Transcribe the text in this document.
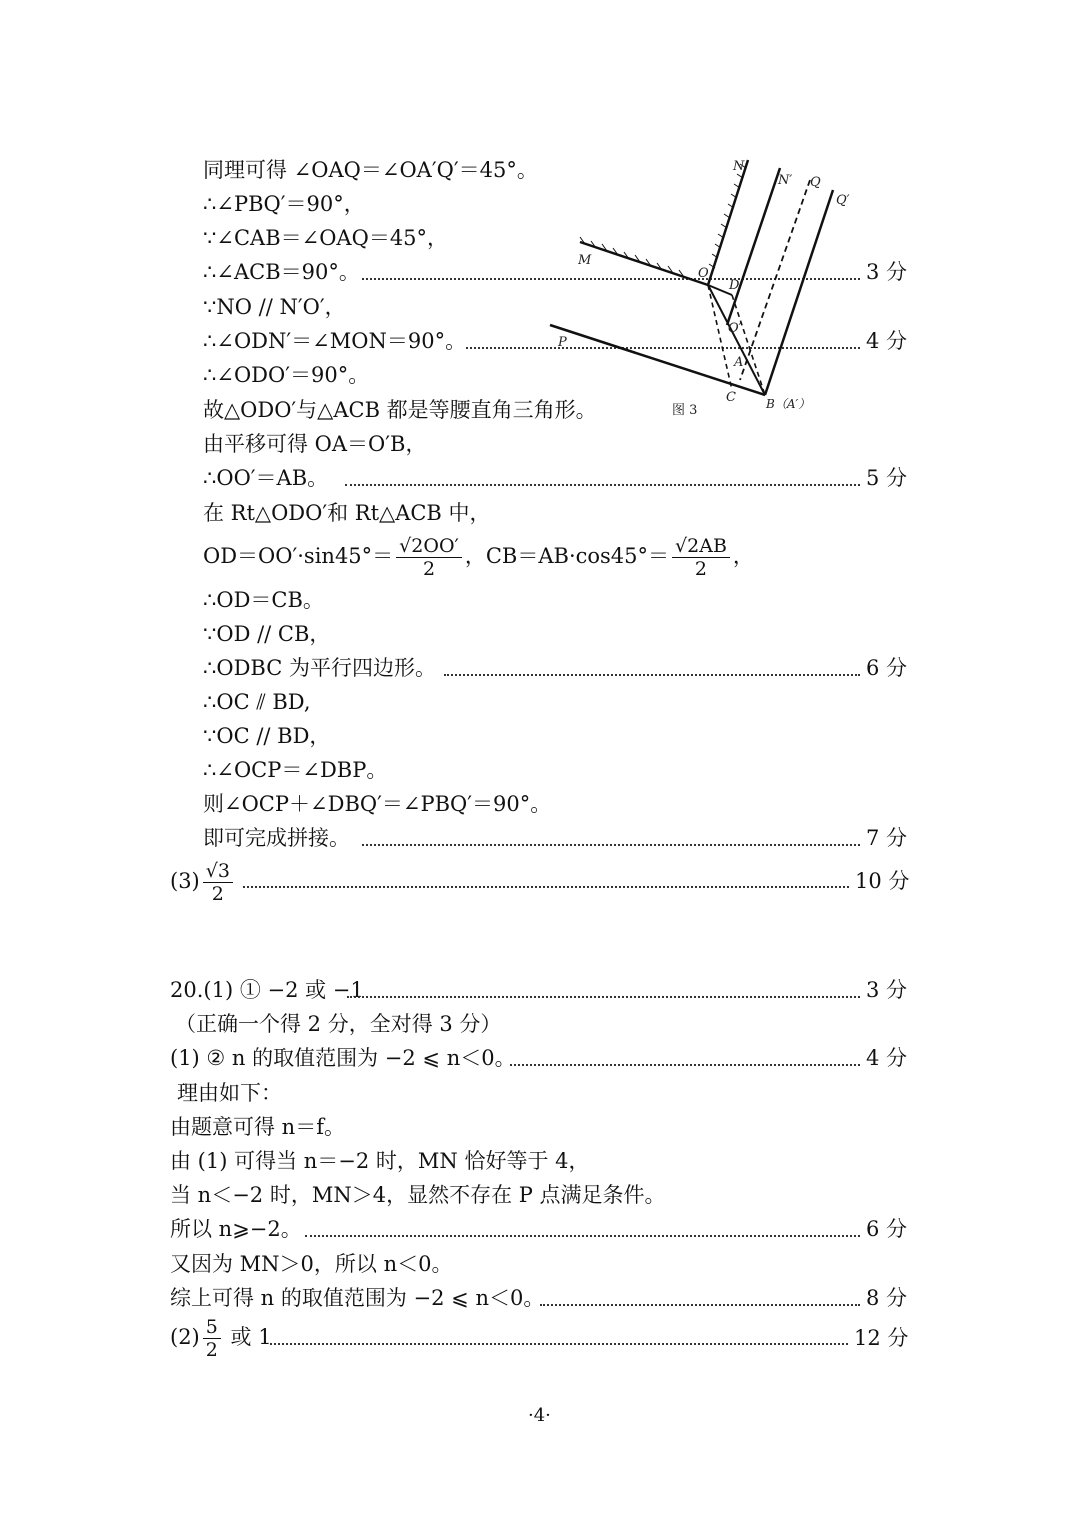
同理可得 ∠OAQ＝∠OA′Q′＝45°。
∴∠PBQ′＝90°，
∵∠CAB＝∠OAQ＝45°，
∴∠ACB＝90°。	3 分
∵NO // N′O′，
∴∠ODN′＝∠MON＝90°。	4 分
∴∠ODO′＝90°。
故△ODO′与△ACB 都是等腰直角三角形。
由平移可得 OA＝O′B，
∴OO′＝AB。	5 分
在 Rt△ODO′和 Rt△ACB 中，
$OD=OO'\cdot\sin 45^\circ= \frac{√2OO'}{2}$ ，$CB=AB\cdot\cos 45^\circ= \frac{√2AB}{2}$ ，
∴OD＝CB。
∵OD // CB，
∴ODBC 为平行四边形。	6 分
∴OC ⫽ BD,
∵OC // BD，
∴∠OCP＝∠DBP。
则∠OCP＋∠DBQ′＝∠PBQ′＝90°。
即可完成拼接。	7 分
$(3) \frac{√3}{2}$	10 分
N
N′ Q
Q′
M
O
D
O′
A
P
C	B（A′）
图 3
20.(1) ① −2 或 −1	3 分
（正确一个得 2 分，全对得 3 分）
(1) ② n 的取值范围为 −2 ⩽ n＜0。	4 分
理由如下：
由题意可得 n＝f。
由 (1) 可得当 n＝−2 时，MN 恰好等于 4，
当 n＜−2 时，MN＞4，显然不存在 P 点满足条件。
所以 n⩾−2。	6 分
又因为 MN＞0，所以 n＜0。
综上可得 n 的取值范围为 −2 ⩽ n＜0。	8 分
$(2) \frac{5}{2}$ 或 1	12 分
·4·
